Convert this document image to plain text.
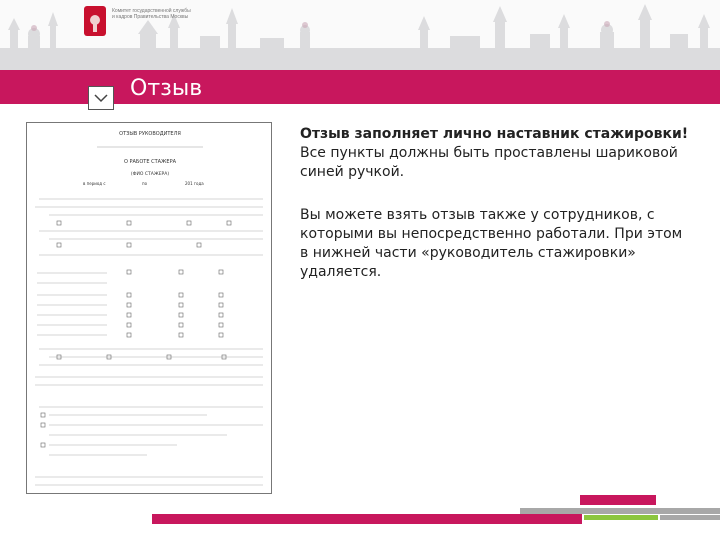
Комитет государственной службы и кадров Правительства Москвы
Отзыв
ОТЗЫВ РУКОВОДИТЕЛЯ
О РАБОТЕ СТАЖЕРА
(ФИО СТАЖЕРА)
в период с	по	201 года

Отзыв заполняет лично наставник стажировки! Все пункты должны быть проставлены шариковой синей ручкой.

Вы можете взять отзыв также у сотрудников, с которыми вы непосредственно работали. При этом в нижней части «руководитель стажировки» удаляется.
